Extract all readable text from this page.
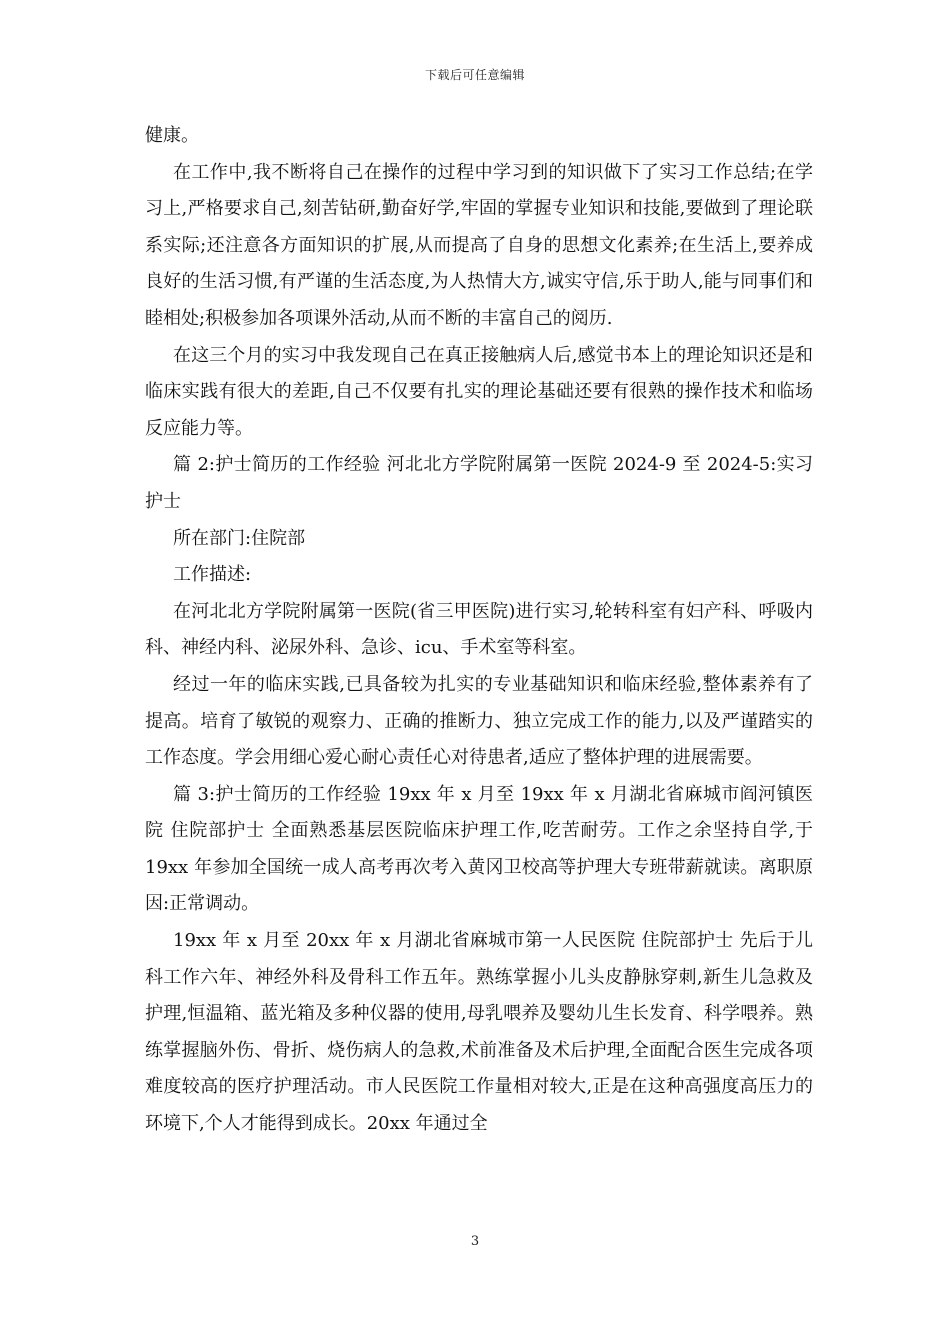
下载后可任意编辑

健康。

在工作中,我不断将自己在操作的过程中学习到的知识做下了实习工作总结;在学习上,严格要求自己,刻苦钻研,勤奋好学,牢固的掌握专业知识和技能,要做到了理论联系实际;还注意各方面知识的扩展,从而提高了自身的思想文化素养;在生活上,要养成良好的生活习惯,有严谨的生活态度,为人热情大方,诚实守信,乐于助人,能与同事们和睦相处;积极参加各项课外活动,从而不断的丰富自己的阅历.

在这三个月的实习中我发现自己在真正接触病人后,感觉书本上的理论知识还是和临床实践有很大的差距,自己不仅要有扎实的理论基础还要有很熟的操作技术和临场反应能力等。

篇 2:护士简历的工作经验 河北北方学院附属第一医院 2024-9 至 2024-5:实习护士

所在部门:住院部

工作描述:

在河北北方学院附属第一医院(省三甲医院)进行实习,轮转科室有妇产科、呼吸内科、神经内科、泌尿外科、急诊、icu、手术室等科室。

经过一年的临床实践,已具备较为扎实的专业基础知识和临床经验,整体素养有了提高。培育了敏锐的观察力、正确的推断力、独立完成工作的能力,以及严谨踏实的工作态度。学会用细心爱心耐心责任心对待患者,适应了整体护理的进展需要。

篇 3:护士简历的工作经验 19xx 年 x 月至 19xx 年 x 月湖北省麻城市阎河镇医院 住院部护士 全面熟悉基层医院临床护理工作,吃苦耐劳。工作之余坚持自学,于 19xx 年参加全国统一成人高考再次考入黄冈卫校高等护理大专班带薪就读。离职原因:正常调动。

19xx 年 x 月至 20xx 年 x 月湖北省麻城市第一人民医院 住院部护士 先后于儿科工作六年、神经外科及骨科工作五年。熟练掌握小儿头皮静脉穿刺,新生儿急救及护理,恒温箱、蓝光箱及多种仪器的使用,母乳喂养及婴幼儿生长发育、科学喂养。熟练掌握脑外伤、骨折、烧伤病人的急救,术前准备及术后护理,全面配合医生完成各项难度较高的医疗护理活动。市人民医院工作量相对较大,正是在这种高强度高压力的环境下,个人才能得到成长。20xx 年通过全

3
